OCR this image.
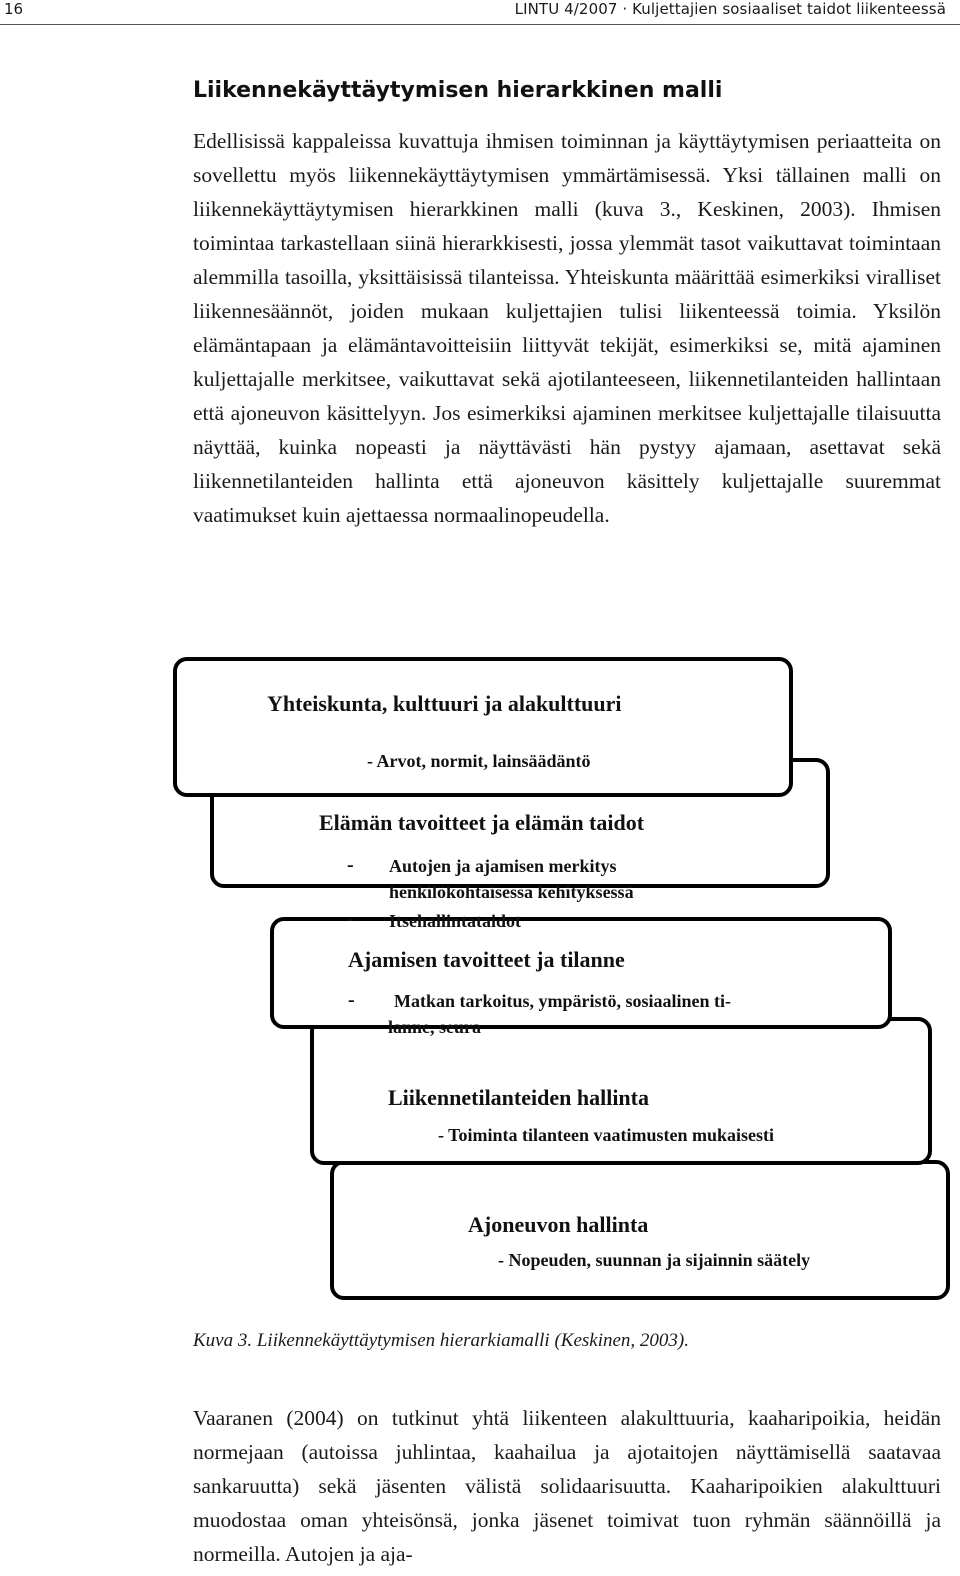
16	LINTU 4/2007 · Kuljettajien sosiaaliset taidot liikenteessä
Liikennekäyttäytymisen hierarkkinen malli

Edellisissä kappaleissa kuvattuja ihmisen toiminnan ja käyttäytymisen periaatteita on sovellettu myös liikennekäyttäytymisen ymmärtämisessä. Yksi tällainen malli on liikennekäyttäytymisen hierarkkinen malli (kuva 3., Keskinen, 2003). Ihmisen toimintaa tarkastellaan siinä hierarkkisesti, jossa ylemmät tasot vaikuttavat toimintaan alemmilla tasoilla, yksittäisissä tilanteissa. Yhteiskunta määrittää esimerkiksi viralliset liikennesäännöt, joiden mukaan kuljettajien tulisi liikenteessä toimia. Yksilön elämäntapaan ja elämäntavoitteisiin liittyvät tekijät, esimerkiksi se, mitä ajaminen kuljettajalle merkitsee, vaikuttavat sekä ajotilanteeseen, liikennetilanteiden hallintaan että ajoneuvon käsittelyyn. Jos esimerkiksi ajaminen merkitsee kuljettajalle tilaisuutta näyttää, kuinka nopeasti ja näyttävästi hän pystyy ajamaan, asettavat sekä liikennetilanteiden hallinta että ajoneuvon käsittely kuljettajalle suuremmat vaatimukset kuin ajettaessa normaalinopeudella.

Yhteiskunta, kulttuuri ja alakulttuuri
- Arvot, normit, lainsäädäntö
Elämän tavoitteet ja elämän taidot
- Autojen ja ajamisen merkitys
henkilökohtaisessa kehityksessä
- Itsehallintataidot
Ajamisen tavoitteet ja tilanne
- Matkan tarkoitus, ympäristö, sosiaalinen ti-
lanne, seura
Liikennetilanteiden hallinta
- Toiminta tilanteen vaatimusten mukaisesti
Ajoneuvon hallinta
- Nopeuden, suunnan ja sijainnin säätely
Kuva 3. Liikennekäyttäytymisen hierarkiamalli (Keskinen, 2003).

Vaaranen (2004) on tutkinut yhtä liikenteen alakulttuuria, kaaharipoikia, heidän normejaan (autoissa juhlintaa, kaahailua ja ajotaitojen näyttämisellä saatavaa sankaruutta) sekä jäsenten välistä solidaarisuutta. Kaaharipoikien alakulttuuri muodostaa oman yhteisönsä, jonka jäsenet toimivat tuon ryhmän säännöillä ja normeilla. Autojen ja aja-
